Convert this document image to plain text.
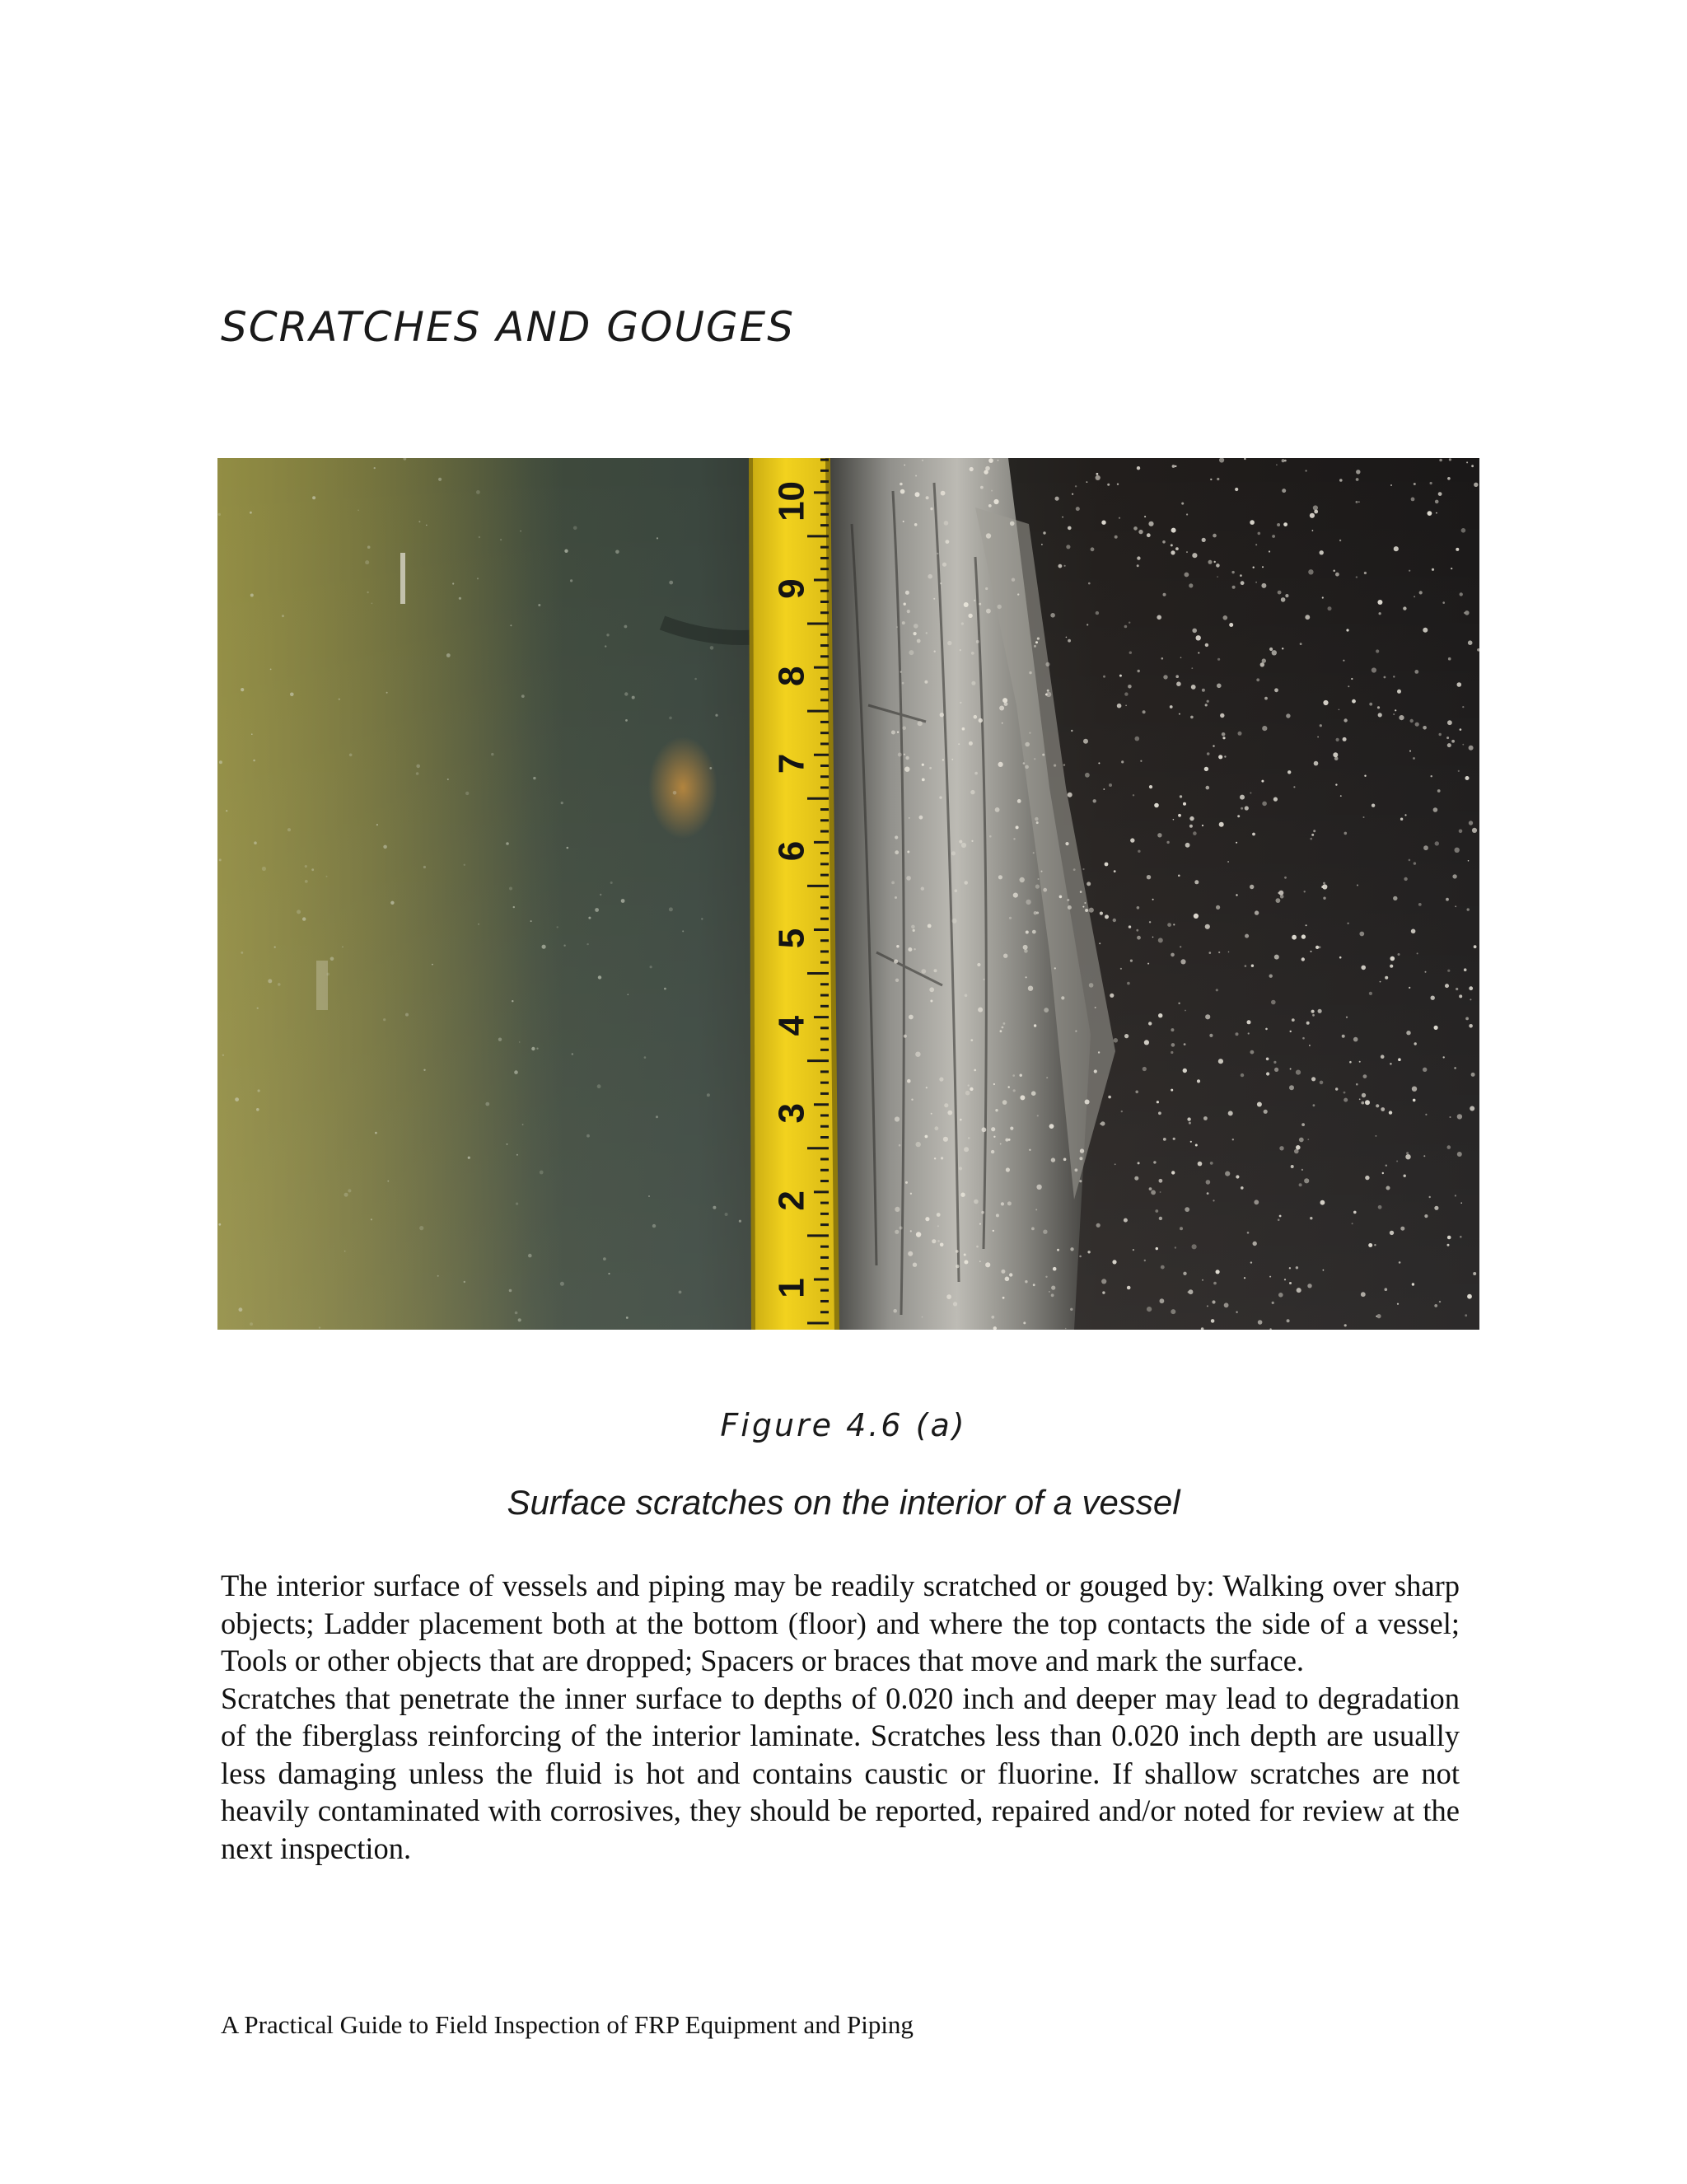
SCRATCHES AND GOUGES
1
2
3
4
5
6
7
8
9
10
Figure 4.6 (a)
Surface scratches on the interior of a vessel

The interior surface of vessels and piping may be readily scratched or gouged by: Walking over sharp objects; Ladder placement both at the bottom (floor) and where the top contacts the side of a vessel; Tools or other objects that are dropped; Spacers or braces that move and mark the surface.

Scratches that penetrate the inner surface to depths of 0.020 inch and deeper may lead to degradation of the fiberglass reinforcing of the interior laminate. Scratches less than 0.020 inch depth are usually less damaging unless the fluid is hot and contains caustic or fluorine. If shallow scratches are not heavily contaminated with corrosives, they should be reported, repaired and/or noted for review at the next inspection.

A Practical Guide to Field Inspection of FRP Equipment and Piping
